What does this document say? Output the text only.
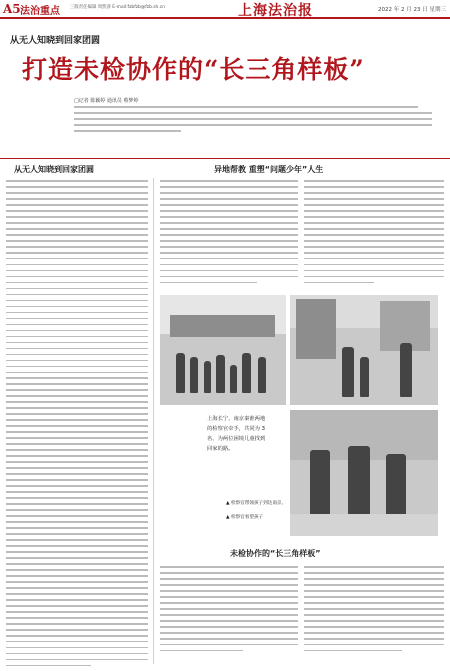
A5 法治重点 三版责任编辑 周凯睿 E-mail:fzbfzb@fzb.sh.cn	上海法治报	2022 年 2 月 23 日 星期三
从无人知晓到回家团圆
打造未检协作的“长三角样板”
□记者 陈颖婷 通讯员 蔡梦婷
从无人知晓到回家团圆	异地帮教 重塑“问题少年”人生
上海长宁、南京秦淮两地的检察官牵手，共同为 3 名、为两位困境儿童找到回家的路。
▲ 检察官带领孩子到达南京。
▲ 检察官看望孩子
未检协作的“长三角样板”
